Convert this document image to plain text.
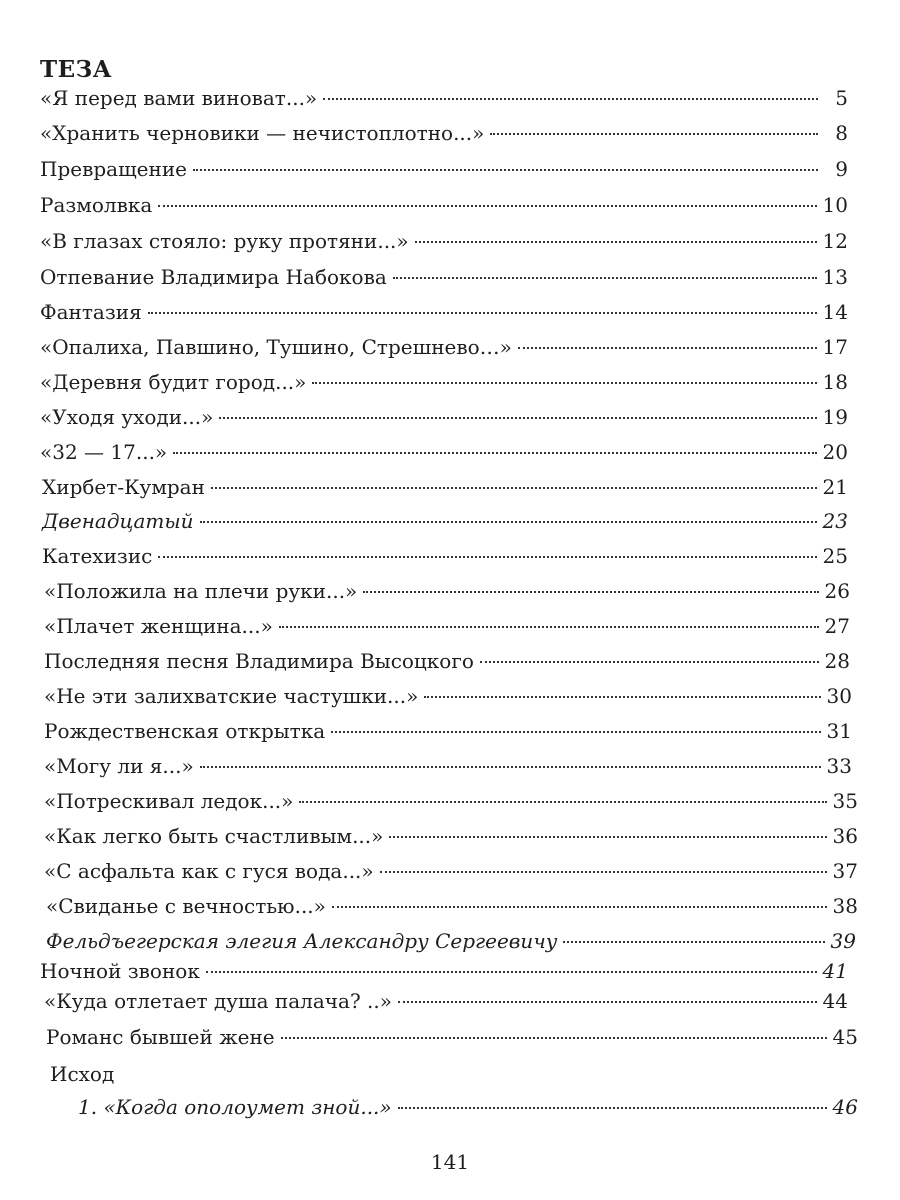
ТЕЗА
«Я перед вами виноват...»	5
«Хранить черновики — нечистоплотно...»	8
Превращение	9
Размолвка	10
«В глазах стояло: руку протяни...»	12
Отпевание Владимира Набокова	13
Фантазия	14
«Опалиха, Павшино, Тушино, Стрешнево…»	17
«Деревня будит город...»	18
«Уходя уходи...»	19
«32 — 17...»	20
Хирбет-Кумран	21
Двенадцатый	23
Катехизис	25
«Положила на плечи руки...»	26
«Плачет женщина...»	27
Последняя песня Владимира Высоцкого	28
«Не эти залихватские частушки...»	30
Рождественская открытка	31
«Могу ли я...»	33
«Потрескивал ледок...»	35
«Как легко быть счастливым...»	36
«С асфальта как с гуся вода...»	37
«Свиданье с вечностью...»	38
Фельдъегерская элегия Александру Сергеевичу	39
Ночной звонок	41
«Куда отлетает душа палача? ..»	44
Романс бывшей жене	45
Исход
1. «Когда ополоумет зной...»	46
141
